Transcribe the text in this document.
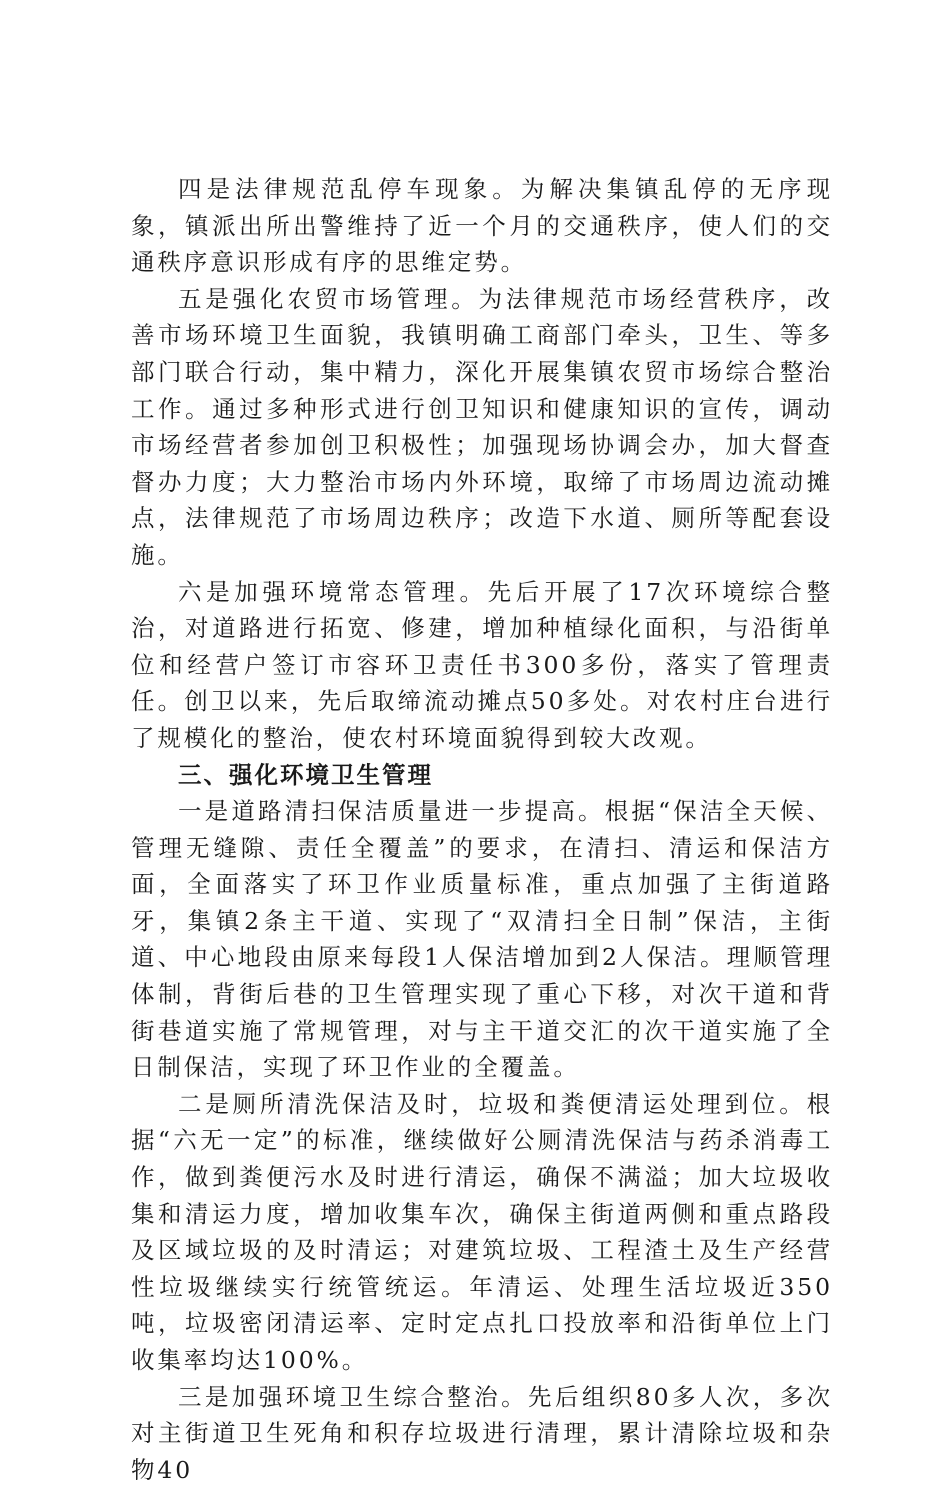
四是法律规范乱停车现象。为解决集镇乱停的无序现象，镇派出所出警维持了近一个月的交通秩序，使人们的交通秩序意识形成有序的思维定势。

五是强化农贸市场管理。为法律规范市场经营秩序，改善市场环境卫生面貌，我镇明确工商部门牵头，卫生、等多部门联合行动，集中精力，深化开展集镇农贸市场综合整治工作。通过多种形式进行创卫知识和健康知识的宣传，调动市场经营者参加创卫积极性；加强现场协调会办，加大督查督办力度；大力整治市场内外环境，取缔了市场周边流动摊点，法律规范了市场周边秩序；改造下水道、厕所等配套设施。

六是加强环境常态管理。先后开展了17次环境综合整治，对道路进行拓宽、修建，增加种植绿化面积，与沿街单位和经营户签订市容环卫责任书300多份，落实了管理责任。创卫以来，先后取缔流动摊点50多处。对农村庄台进行了规模化的整治，使农村环境面貌得到较大改观。

三、强化环境卫生管理

一是道路清扫保洁质量进一步提高。根据“保洁全天候、管理无缝隙、责任全覆盖”的要求，在清扫、清运和保洁方面，全面落实了环卫作业质量标准，重点加强了主街道路牙，集镇2条主干道、实现了“双清扫全日制”保洁，主街道、中心地段由原来每段1人保洁增加到2人保洁。理顺管理体制，背街后巷的卫生管理实现了重心下移，对次干道和背街巷道实施了常规管理，对与主干道交汇的次干道实施了全日制保洁，实现了环卫作业的全覆盖。

二是厕所清洗保洁及时，垃圾和粪便清运处理到位。根据“六无一定”的标准，继续做好公厕清洗保洁与药杀消毒工作，做到粪便污水及时进行清运，确保不满溢；加大垃圾收集和清运力度，增加收集车次，确保主街道两侧和重点路段及区域垃圾的及时清运；对建筑垃圾、工程渣土及生产经营性垃圾继续实行统管统运。年清运、处理生活垃圾近350吨，垃圾密闭清运率、定时定点扎口投放率和沿街单位上门收集率均达100%。

三是加强环境卫生综合整治。先后组织80多人次，多次对主街道卫生死角和积存垃圾进行清理，累计清除垃圾和杂物40
